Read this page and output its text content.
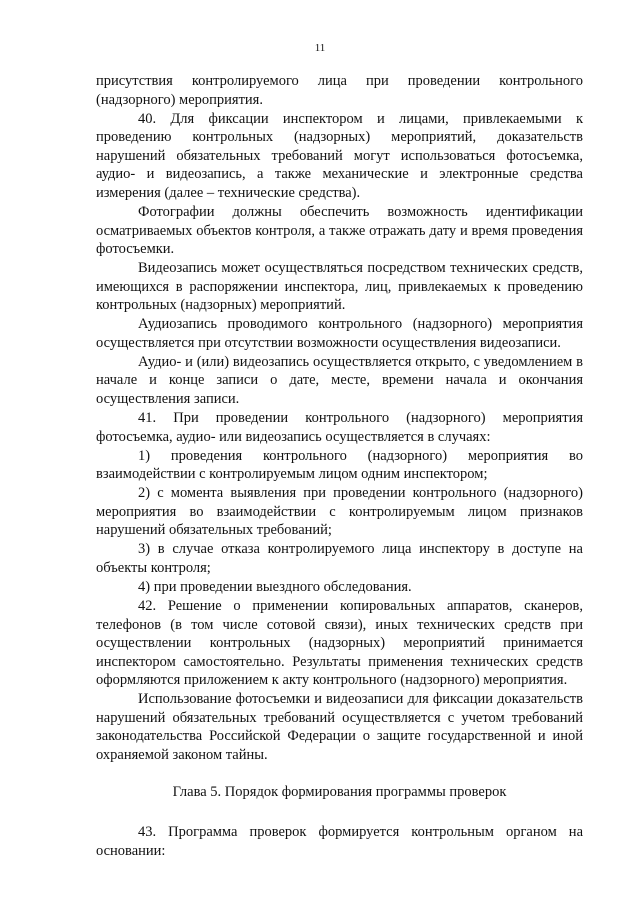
11

присутствия контролируемого лица при проведении контрольного (надзорного) мероприятия.

40. Для фиксации инспектором и лицами, привлекаемыми к проведению контрольных (надзорных) мероприятий, доказательств нарушений обязательных требований могут использоваться фотосъемка, аудио- и видеозапись, а также механические и электронные средства измерения (далее – технические средства).

Фотографии должны обеспечить возможность идентификации осматриваемых объектов контроля, а также отражать дату и время проведения фотосъемки.

Видеозапись может осуществляться посредством технических средств, имеющихся в распоряжении инспектора, лиц, привлекаемых к проведению контрольных (надзорных) мероприятий.

Аудиозапись проводимого контрольного (надзорного) мероприятия осуществляется при отсутствии возможности осуществления видеозаписи.

Аудио- и (или) видеозапись осуществляется открыто, с уведомлением в начале и конце записи о дате, месте, времени начала и окончания осуществления записи.

41. При проведении контрольного (надзорного) мероприятия фотосъемка, аудио- или видеозапись осуществляется в случаях:

1) проведения контрольного (надзорного) мероприятия во взаимодействии с контролируемым лицом одним инспектором;

2) с момента выявления при проведении контрольного (надзорного) мероприятия во взаимодействии с контролируемым лицом признаков нарушений обязательных требований;

3) в случае отказа контролируемого лица инспектору в доступе на объекты контроля;

4) при проведении выездного обследования.

42. Решение о применении копировальных аппаратов, сканеров, телефонов (в том числе сотовой связи), иных технических средств при осуществлении контрольных (надзорных) мероприятий принимается инспектором самостоятельно. Результаты применения технических средств оформляются приложением к акту контрольного (надзорного) мероприятия.

Использование фотосъемки и видеозаписи для фиксации доказательств нарушений обязательных требований осуществляется с учетом требований законодательства Российской Федерации о защите государственной и иной охраняемой законом тайны.

Глава 5. Порядок формирования программы проверок

43. Программа проверок формируется контрольным органом на основании:
